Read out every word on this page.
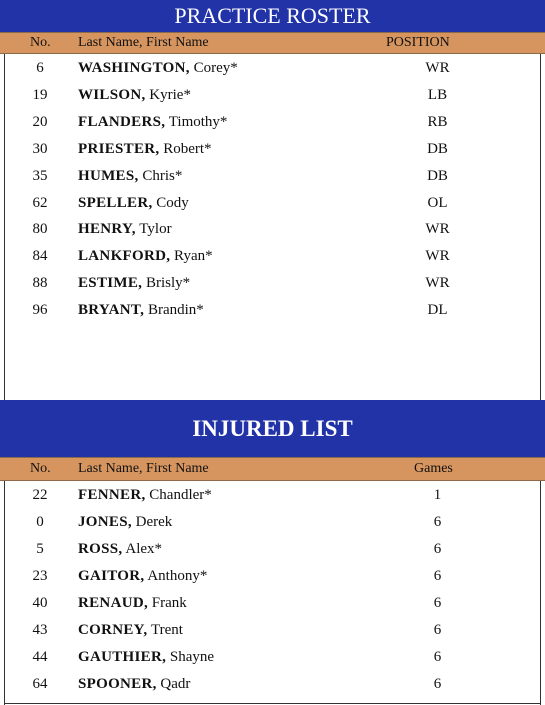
PRACTICE ROSTER
No. Last Name, First Name	POSITION
6	WASHINGTON, Corey*	WR
19 WILSON, Kyrie*	LB
20 FLANDERS, Timothy*	RB
30 PRIESTER, Robert*	DB
35 HUMES, Chris*	DB
62 SPELLER, Cody	OL
80 HENRY, Tylor	WR
84 LANKFORD, Ryan*	WR
88 ESTIME, Brisly*	WR
96 BRYANT, Brandin*	DL
INJURED LIST
No. Last Name, First Name	Games
22 FENNER, Chandler*	1
0	JONES, Derek	6
5	ROSS, Alex*	6
23 GAITOR, Anthony*	6
40 RENAUD, Frank	6
43 CORNEY, Trent	6
44 GAUTHIER, Shayne	6
64 SPOONER, Qadr	6
